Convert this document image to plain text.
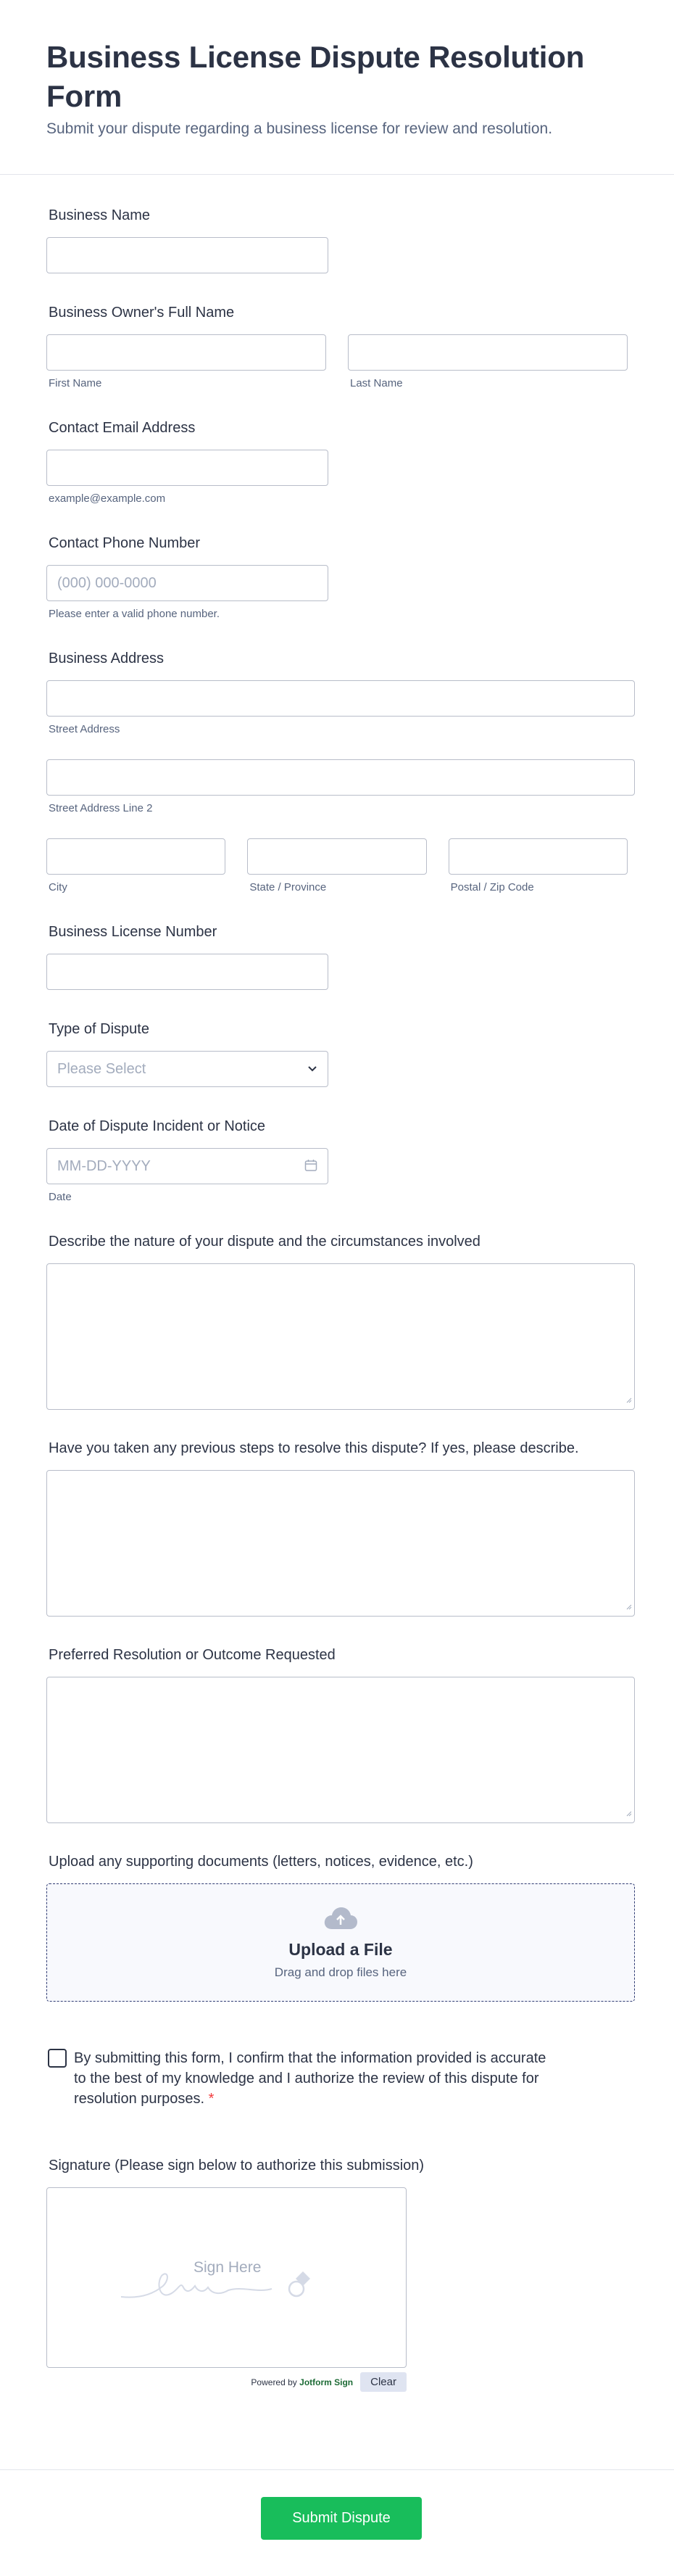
Business License Dispute Resolution Form

Submit your dispute regarding a business license for review and resolution.

Business Name
Business Owner's Full Name
First Name	Last Name
Contact Email Address
example@example.com
Contact Phone Number
(000) 000-0000
Please enter a valid phone number.
Business Address
Street Address
Street Address Line 2
City	State / Province	Postal / Zip Code
Business License Number
Type of Dispute
Please Select
Date of Dispute Incident or Notice
MM-DD-YYYY
Date
Describe the nature of your dispute and the circumstances involved
Have you taken any previous steps to resolve this dispute? If yes, please describe.
Preferred Resolution or Outcome Requested
Upload any supporting documents (letters, notices, evidence, etc.)
Upload a File
Drag and drop files here
By submitting this form, I confirm that the information provided is accurate to the best of my knowledge and I authorize the review of this dispute for resolution purposes. *
Signature (Please sign below to authorize this submission)
Sign Here
Powered by Jotform Sign	Clear
Submit Dispute
